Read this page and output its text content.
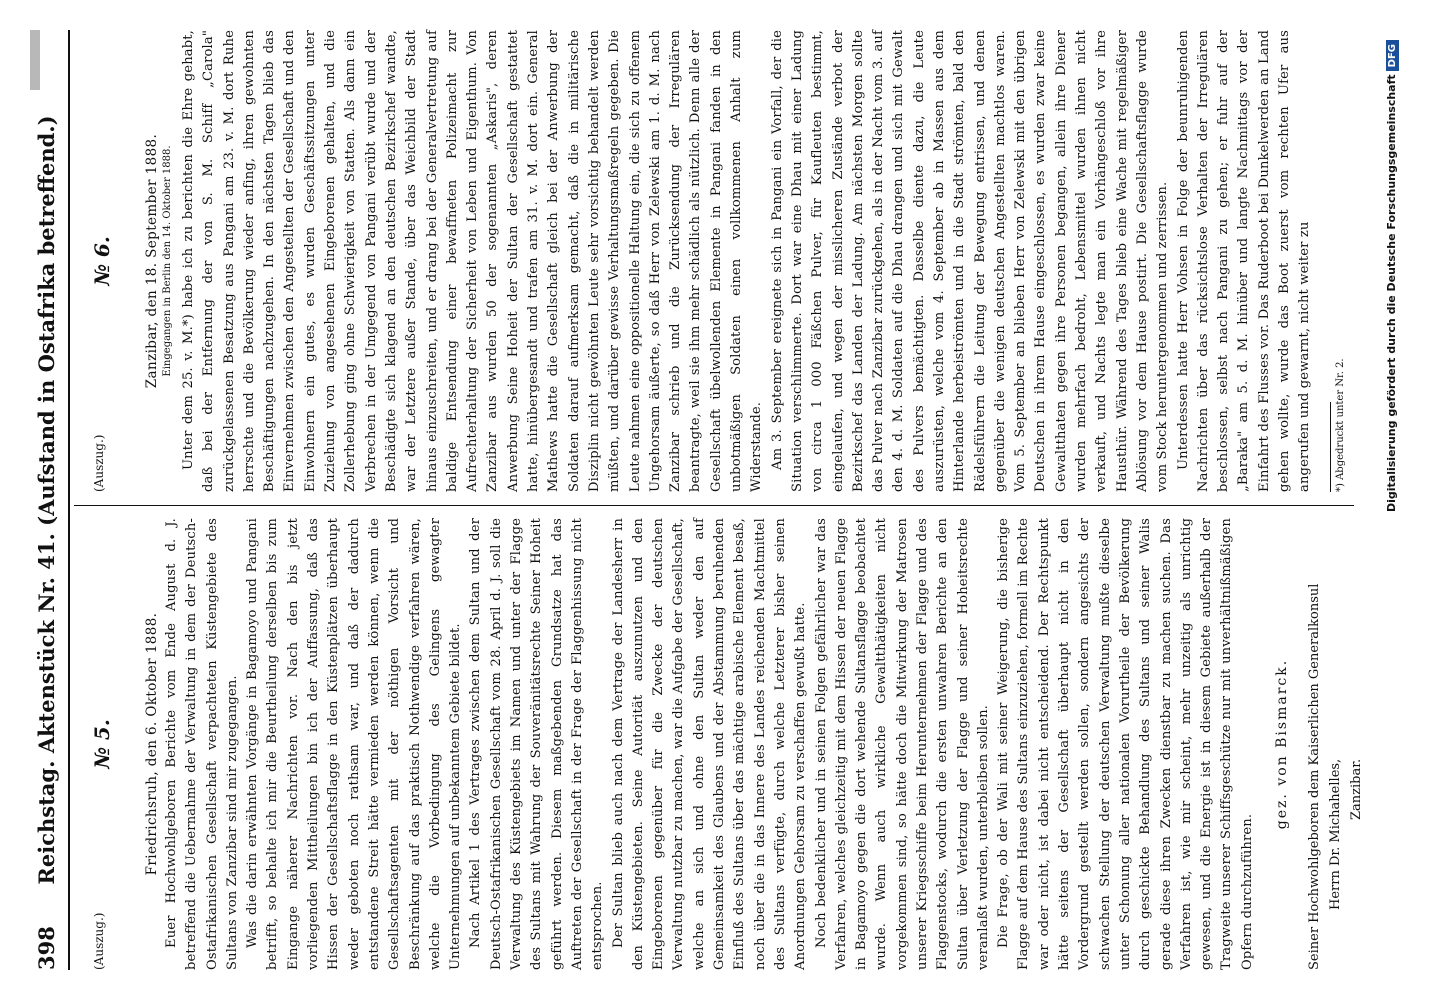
398
Reichstag. Aktenstück Nr. 41. (Aufstand in Ostafrika betreffend.)
(Auszug.)
№ 5. Friedrichsruh, den 6. Oktober 1888. Euer Hochwohlgeboren Berichte vom Ende August d. J. betreffend die Uebernahme der Verwaltung in dem der Deutsch-Ostafrikanischen Gesellschaft verpachteten Küstengebiete des Sultans von Zanzibar sind mir zugegangen. Was die darin erwähnten Vorgänge in Bagamoyo und Pangani betrifft, so behalte ich mir die Beurtheilung derselben bis zum Eingange näherer Nachrichten vor. Nach den bis jetzt vorliegenden Mittheilungen bin ich der Auffassung, daß das Hissen der Gesellschaftsflagge in den Küstenplätzen überhaupt weder geboten noch rathsam war, und daß der dadurch entstandene Streit hätte vermieden werden können, wenn die Gesellschaftsagenten mit der nöthigen Vorsicht und Beschränkung auf das praktisch Nothwendige verfahren wären, welche die Vorbedingung des Gelingens gewagter Unternehmungen auf unbekanntem Gebiete bildet. Nach Artikel 1 des Vertrages zwischen dem Sultan und der Deutsch-Ostafrikanischen Gesellschaft vom 28. April d. J. soll die Verwaltung des Küstengebiets im Namen und unter der Flagge des Sultans mit Wahrung der Souveränitätsrechte Seiner Hoheit geführt werden. Diesem maßgebenden Grundsatze hat das Auftreten der Gesellschaft in der Frage der Flaggenhissung nicht entsprochen. Der Sultan blieb auch nach dem Vertrage der Landesherr in den Küstengebieten. Seine Autorität auszunutzen und den Eingeborenen gegenüber für die Zwecke der deutschen Verwaltung nutzbar zu machen, war die Aufgabe der Gesellschaft, welche an sich und ohne den Sultan weder den auf Gemeinsamkeit des Glaubens und der Abstammung beruhenden Einfluß des Sultans über das mächtige arabische Element besaß, noch über die in das Innere des Landes reichenden Machtmittel des Sultans verfügte, durch welche Letzterer bisher seinen Anordnungen Gehorsam zu verschaffen gewußt hatte. Noch bedenklicher und in seinen Folgen gefährlicher war das Verfahren, welches gleichzeitig mit dem Hissen der neuen Flagge in Bagamoyo gegen die dort wehende Sultansflagge beobachtet wurde. Wenn auch wirkliche Gewaltthätigkeiten nicht vorgekommen sind, so hätte doch die Mitwirkung der Matrosen unserer Kriegsschiffe beim Herunternehmen der Flagge und des Flaggenstocks, wodurch die ersten unwahren Berichte an den Sultan über Verletzung der Flagge und seiner Hoheitsrechte veranlaßt wurden, unterbleiben sollen. Die Frage, ob der Wali mit seiner Weigerung, die bisherige Flagge auf dem Hause des Sultans einzuziehen, formell im Rechte war oder nicht, ist dabei nicht entscheidend. Der Rechtspunkt hätte seitens der Gesellschaft überhaupt nicht in den Vordergrund gestellt werden sollen, sondern angesichts der schwachen Stellung der deutschen Verwaltung mußte dieselbe unter Schonung aller nationalen Vorurtheile der Bevölkerung durch geschickte Behandlung des Sultans und seiner Walis gerade diese ihren Zwecken dienstbar zu machen suchen. Das Verfahren ist, wie mir scheint, mehr unzeitig als unrichtig gewesen, und die Energie ist in diesem Gebiete außerhalb der Tragweite unserer Schiffsgeschütze nur mit unverhältnißmäßigen Opfern durchzuführen.

gez. von Bismarck. Seiner Hochwohlgeboren dem Kaiserlichen Generalkonsul Herrn Dr. Michahelles, Zanzibar.
(Auszug.)
№ 6. Zanzibar, den 18. September 1888. Eingegangen in Berlin den 14. Oktober 1888. Unter dem 25. v. M.*) habe ich zu berichten die Ehre gehabt, daß bei der Entfernung der von S. M. Schiff „Carola" zurückgelassenen Besatzung aus Pangani am 23. v. M. dort Ruhe herrschte und die Bevölkerung wieder anfing, ihren gewohnten Beschäftigungen nachzugehen. In den nächsten Tagen blieb das Einvernehmen zwischen den Angestellten der Gesellschaft und den Einwohnern ein gutes, es wurden Geschäftssitzungen unter Zuziehung von angesehenen Eingeborenen gehalten, und die Zollerhebung ging ohne Schwierigkeit von Statten. Als dann ein Verbrechen in der Umgegend von Pangani verübt wurde und der Beschädigte sich klagend an den deutschen Bezirkschef wandte, war der Letztere außer Stande, über das Weichbild der Stadt hinaus einzuschreiten, und er drang bei der Generalvertretung auf baldige Entsendung einer bewaffneten Polizeimacht zur Aufrechterhaltung der Sicherheit von Leben und Eigenthum. Von Zanzibar aus wurden 50 der sogenannten „Askaris", deren Anwerbung Seine Hoheit der Sultan der Gesellschaft gestattet hatte, hinübergesandt und trafen am 31. v. M. dort ein. General Mathews hatte die Gesellschaft gleich bei der Anwerbung der Soldaten darauf aufmerksam gemacht, daß die in militärische Disziplin nicht gewöhnten Leute sehr vorsichtig behandelt werden müßten, und darüber gewisse Verhaltungsmaßregeln gegeben. Die Leute nahmen eine oppositionelle Haltung ein, die sich zu offenem Ungehorsam äußerte, so daß Herr von Zelewski am 1. d. M. nach Zanzibar schrieb und die Zurücksendung der Irregulären beantragte, weil sie ihm mehr schädlich als nützlich. Denn alle der Gesellschaft übelwollenden Elemente in Pangani fanden in den unbotmäßigen Soldaten einen vollkommenen Anhalt zum Widerstande. Am 3. September ereignete sich in Pangani ein Vorfall, der die Situation verschlimmerte. Dort war eine Dhau mit einer Ladung von circa 1 000 Fäßchen Pulver, für Kaufleuten bestimmt, eingelaufen, und wegen der misslicheren Zustände verbot der Bezirkschef das Landen der Ladung. Am nächsten Morgen sollte das Pulver nach Zanzibar zurückgehen, als in der Nacht vom 3. auf den 4. d. M. Soldaten auf die Dhau drangen und sich mit Gewalt des Pulvers bemächtigten. Dasselbe diente dazu, die Leute auszurüsten, welche vom 4. September ab in Massen aus dem Hinterlande herbeiströmten und in die Stadt strömten, bald den Rädelsführern die Leitung der Bewegung entrissen, und denen gegenüber die wenigen deutschen Angestellten machtlos waren. Vom 5. September an blieben Herr von Zelewski mit den übrigen Deutschen in ihrem Hause eingeschlossen, es wurden zwar keine Gewaltthaten gegen ihre Personen begangen, allein ihre Diener wurden mehrfach bedroht, Lebensmittel wurden ihnen nicht verkauft, und Nachts legte man ein Vorhängeschloß vor ihre Hausthür. Während des Tages blieb eine Wache mit regelmäßiger Ablösung vor dem Hause postirt. Die Gesellschaftsflagge wurde vom Stock heruntergenommen und zerrissen. Unterdessen hatte Herr Vohsen in Folge der beunruhigenden Nachrichten über das rücksichtslose Verhalten der Irregulären beschlossen, selbst nach Pangani zu gehen; er fuhr auf der „Baraka" am 5. d. M. hinüber und langte Nachmittags vor der Einfahrt des Flusses vor. Das Ruderboot bei Dunkelwerden an Land gehen wollte, wurde das Boot zuerst vom rechten Ufer aus angerufen und gewarnt, nicht weiter zu	*) Abgedruckt unter Nr. 2.	Digitalisierung gefördert durch die Deutsche ForschungsgemeinschaftDFG
